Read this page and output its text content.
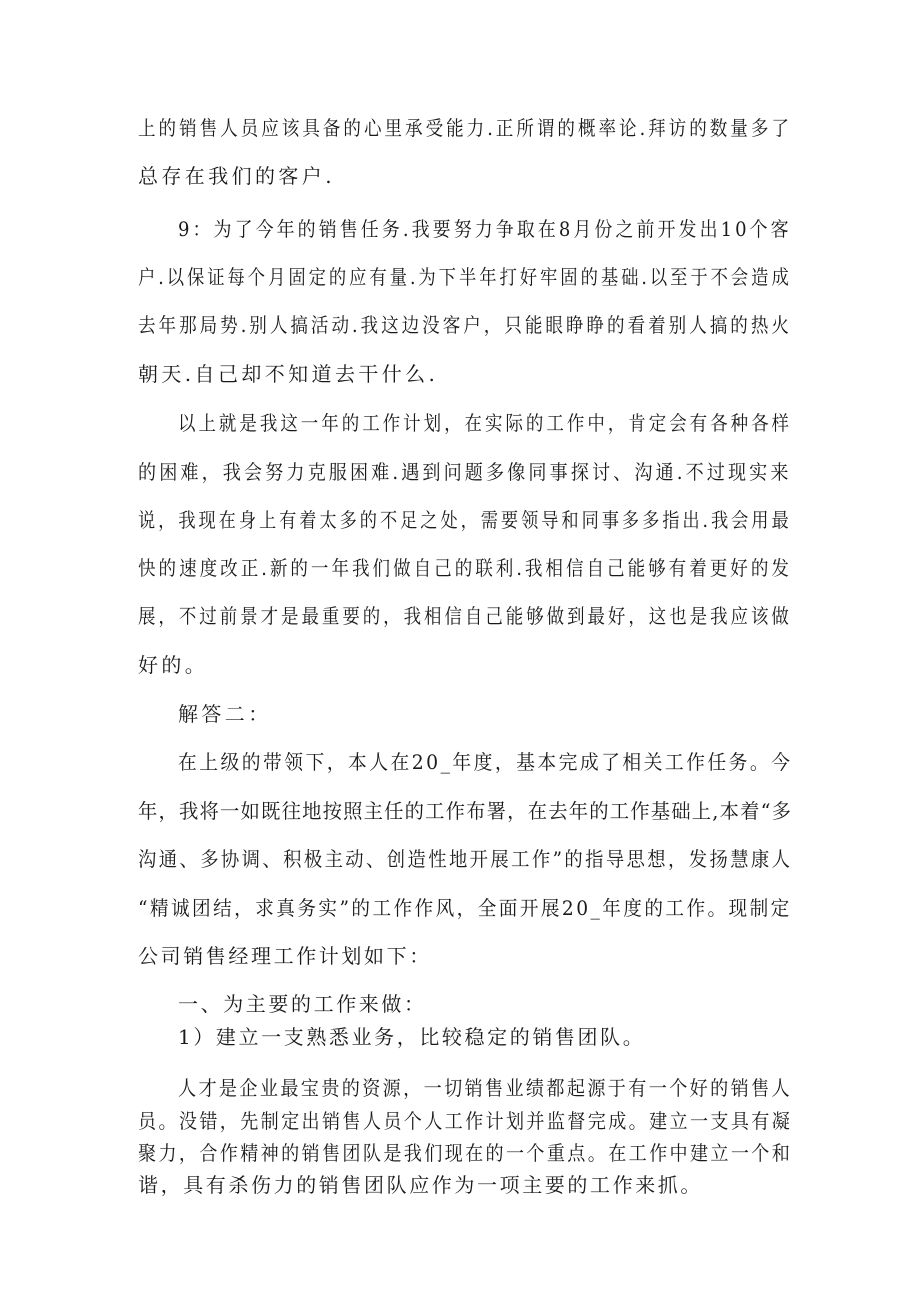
上的销售人员应该具备的心里承受能力.正所谓的概率论.拜访的数量多了
总存在我们的客户.
9：为了今年的销售任务.我要努力争取在8月份之前开发出10个客
户.以保证每个月固定的应有量.为下半年打好牢固的基础.以至于不会造成
去年那局势.别人搞活动.我这边没客户，只能眼睁睁的看着别人搞的热火
朝天.自己却不知道去干什么.
以上就是我这一年的工作计划，在实际的工作中，肯定会有各种各样
的困难，我会努力克服困难.遇到问题多像同事探讨、沟通.不过现实来
说，我现在身上有着太多的不足之处，需要领导和同事多多指出.我会用最
快的速度改正.新的一年我们做自己的联利.我相信自己能够有着更好的发
展，不过前景才是最重要的，我相信自己能够做到最好，这也是我应该做
好的。
解答二：
在上级的带领下，本人在20_年度，基本完成了相关工作任务。今
年，我将一如既往地按照主任的工作布署，在去年的工作基础上,本着“多
沟通、多协调、积极主动、创造性地开展工作”的指导思想，发扬慧康人
“精诚团结，求真务实”的工作作风，全面开展20_年度的工作。现制定
公司销售经理工作计划如下：
一、为主要的工作来做：
1）建立一支熟悉业务，比较稳定的销售团队。
人才是企业最宝贵的资源，一切销售业绩都起源于有一个好的销售人
员。没错，先制定出销售人员个人工作计划并监督完成。建立一支具有凝
聚力，合作精神的销售团队是我们现在的一个重点。在工作中建立一个和
谐，具有杀伤力的销售团队应作为一项主要的工作来抓。
